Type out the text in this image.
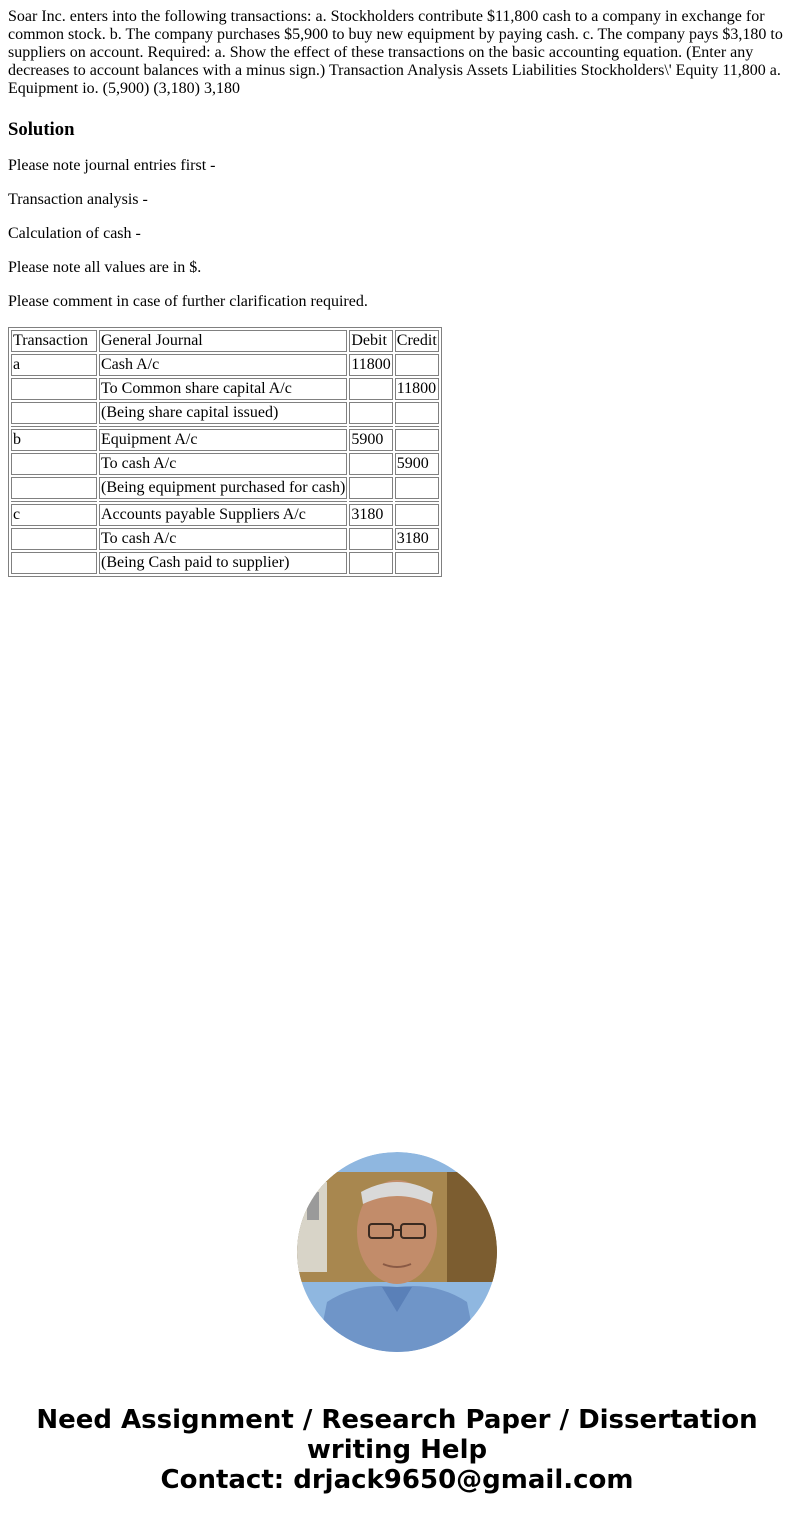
Soar Inc. enters into the following transactions: a. Stockholders contribute $11,800 cash to a company in exchange for common stock. b. The company purchases $5,900 to buy new equipment by paying cash. c. The company pays $3,180 to suppliers on account. Required: a. Show the effect of these transactions on the basic accounting equation. (Enter any decreases to account balances with a minus sign.) Transaction Analysis Assets Liabilities Stockholders\' Equity 11,800 a. Equipment io. (5,900) (3,180) 3,180
Solution

Please note journal entries first -

Transaction analysis -

Calculation of cash -

Please note all values are in $.

Please comment in case of further clarification required.

Transaction	General Journal	Debit	Credit
a	Cash A/c	11800	
	To Common share capital A/c		11800
	(Being share capital issued)		

b	Equipment A/c	5900	
	To cash A/c		5900
	(Being equipment purchased for cash)		

c	Accounts payable Suppliers A/c	3180	
	To cash A/c		3180
	(Being Cash paid to supplier)		
Need Assignment / Research Paper / Dissertation
writing Help
Contact: drjack9650@gmail.com
